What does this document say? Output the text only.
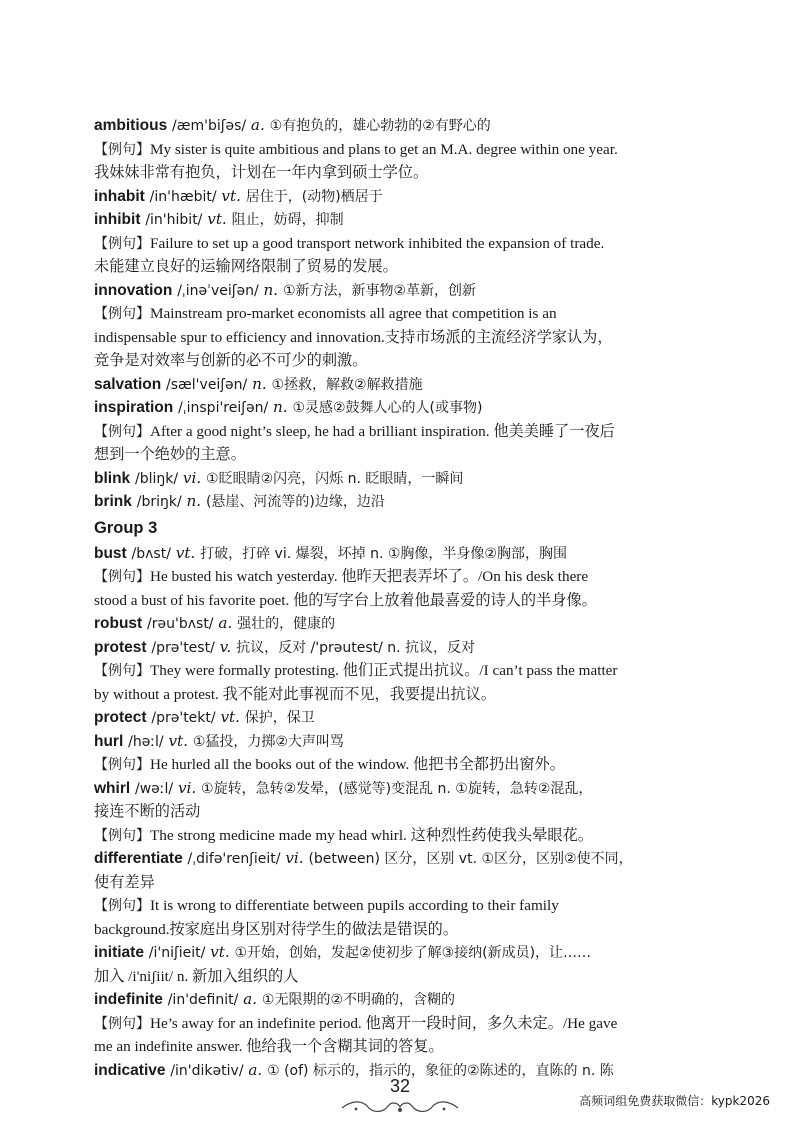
ambitious /æm'biʃəs/ a. ①有抱负的，雄心勃勃的②有野心的
【例句】My sister is quite ambitious and plans to get an M.A. degree within one year.
我妹妹非常有抱负，计划在一年内拿到硕士学位。
inhabit /in'hæbit/ vt. 居住于，(动物)栖居于
inhibit /in'hibit/ vt. 阻止，妨碍，抑制
【例句】Failure to set up a good transport network inhibited the expansion of trade.
未能建立良好的运输网络限制了贸易的发展。
innovation /ˌinəˈveiʃən/ n. ①新方法，新事物②革新，创新
【例句】Mainstream pro-market economists all agree that competition is an
indispensable spur to efficiency and innovation.支持市场派的主流经济学家认为，
竞争是对效率与创新的必不可少的刺激。
salvation /sæl'veiʃən/ n. ①拯救，解救②解救措施
inspiration /ˌinspi'reiʃən/ n. ①灵感②鼓舞人心的人(或事物)
【例句】After a good night’s sleep, he had a brilliant inspiration. 他美美睡了一夜后
想到一个绝妙的主意。
blink /bliŋk/ vi. ①眨眼睛②闪亮，闪烁 n. 眨眼睛，一瞬间
brink /briŋk/ n. (悬崖、河流等的)边缘，边沿
Group 3
bust /bʌst/ vt. 打破，打碎 vi. 爆裂，坏掉 n. ①胸像，半身像②胸部，胸围
【例句】He busted his watch yesterday. 他昨天把表弄坏了。/On his desk there
stood a bust of his favorite poet. 他的写字台上放着他最喜爱的诗人的半身像。
robust /rəu'bʌst/ a. 强壮的，健康的
protest /prə'test/ v. 抗议，反对 /'prəutest/ n. 抗议，反对
【例句】They were formally protesting. 他们正式提出抗议。/I can’t pass the matter
by without a protest. 我不能对此事视而不见，我要提出抗议。
protect /prə'tekt/ vt. 保护，保卫
hurl /həːl/ vt. ①猛投，力掷②大声叫骂
【例句】He hurled all the books out of the window. 他把书全都扔出窗外。
whirl /wəːl/ vi. ①旋转，急转②发晕，(感觉等)变混乱 n. ①旋转，急转②混乱，
接连不断的活动
【例句】The strong medicine made my head whirl. 这种烈性药使我头晕眼花。
differentiate /ˌdifə'renʃieit/ vi. (between) 区分，区别 vt. ①区分，区别②使不同，
使有差异
【例句】It is wrong to differentiate between pupils according to their family
background.按家庭出身区别对待学生的做法是错误的。
initiate /i'niʃieit/ vt. ①开始，创始，发起②使初步了解③接纳(新成员)，让……
加入 /i'niʃiit/ n. 新加入组织的人
indefinite /in'definit/ a. ①无限期的②不明确的，含糊的
【例句】He’s away for an indefinite period. 他离开一段时间，多久未定。/He gave
me an indefinite answer. 他给我一个含糊其词的答复。
indicative /in'dikətiv/ a. ① (of) 标示的，指示的，象征的②陈述的，直陈的 n. 陈
32
高频词组免费获取微信：kypk2026
